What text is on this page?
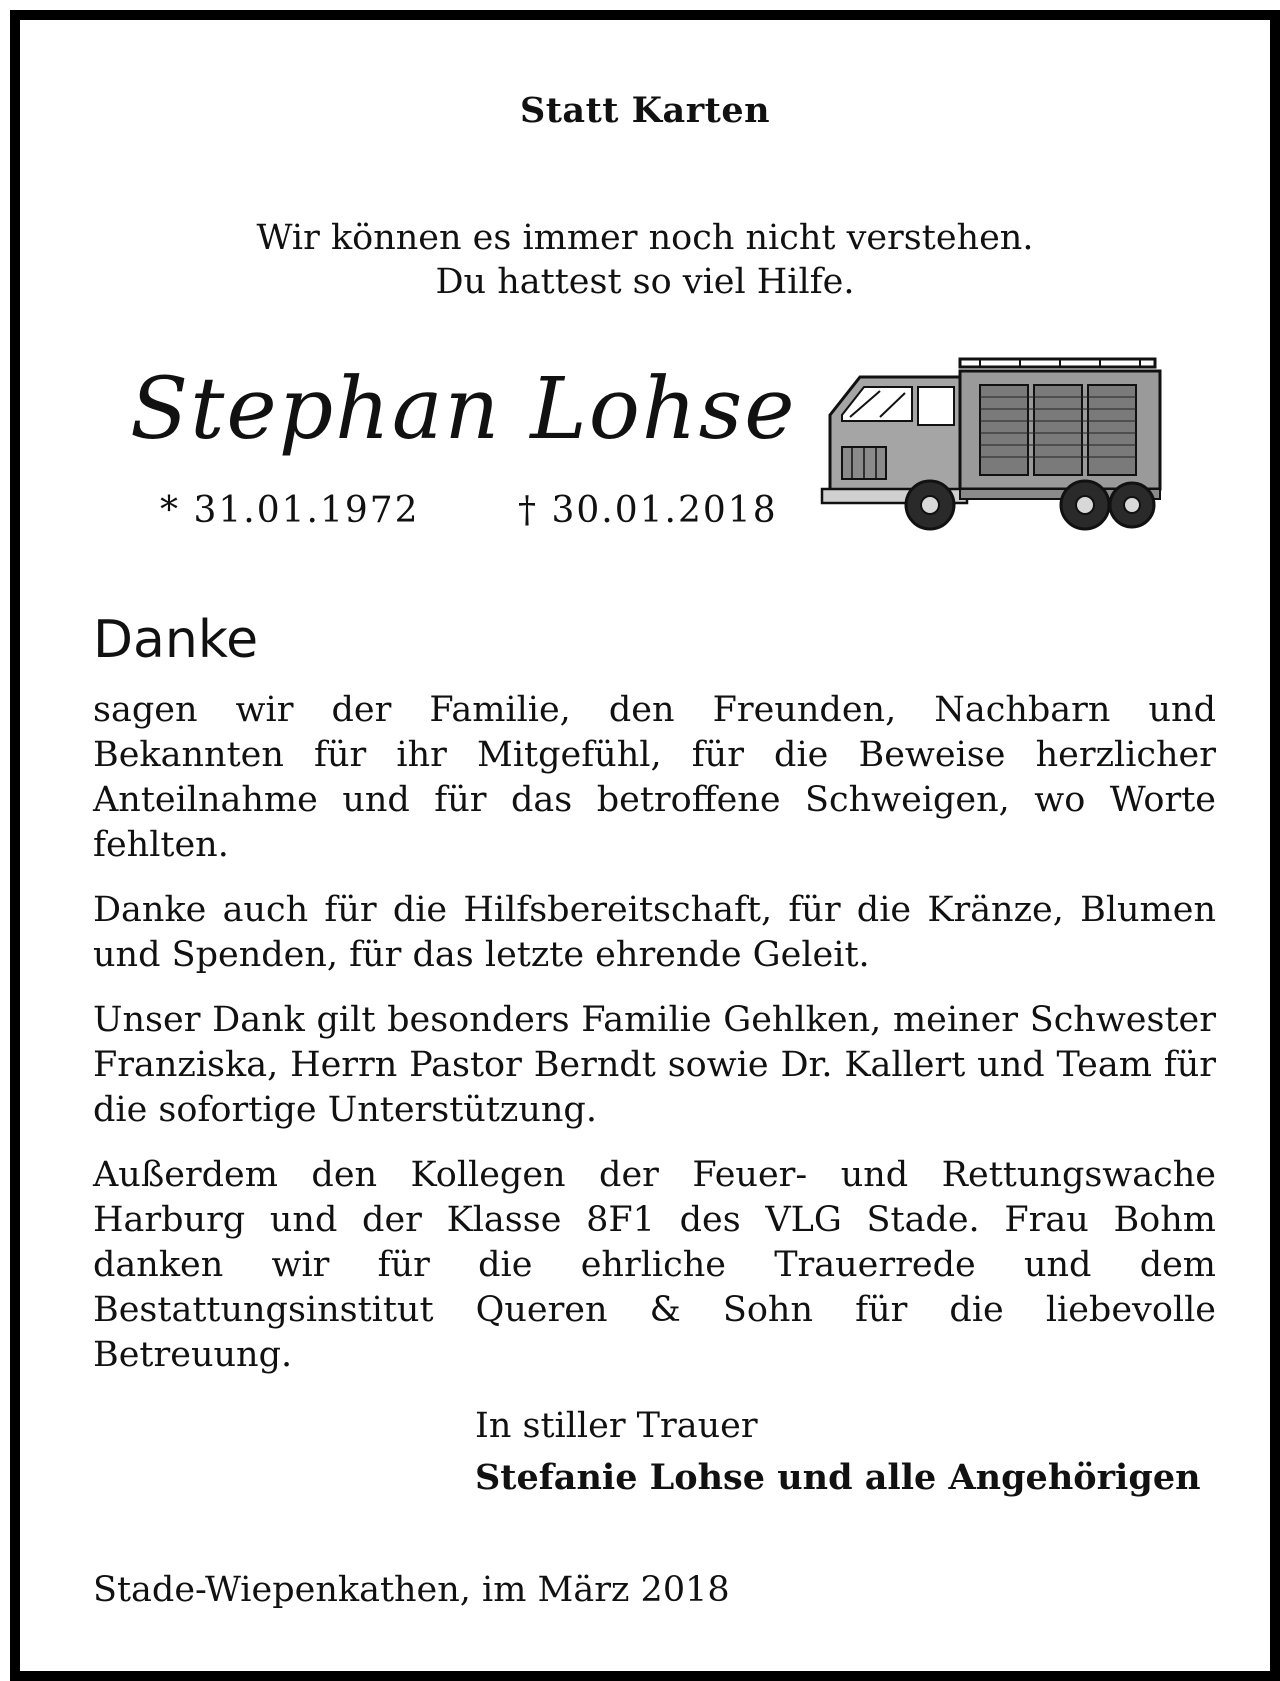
Statt Karten
Wir können es immer noch nicht verstehen.
Du hattest so viel Hilfe.
Stephan Lohse
* 31.01.1972	† 30.01.2018
Danke

sagen wir der Familie, den Freunden, Nachbarn und Bekannten für ihr Mitgefühl, für die Beweise herzlicher Anteilnahme und für das betroffene Schweigen, wo Worte fehlten.

Danke auch für die Hilfsbereitschaft, für die Kränze, Blumen und Spenden, für das letzte ehrende Geleit.

Unser Dank gilt besonders Familie Gehlken, meiner Schwester Franziska, Herrn Pastor Berndt sowie Dr. Kallert und Team für die sofortige Unterstützung.

Außerdem den Kollegen der Feuer- und Rettungswache Harburg und der Klasse 8F1 des VLG Stade. Frau Bohm danken wir für die ehrliche Trauerrede und dem Bestattungsinstitut Queren & Sohn für die liebevolle Betreuung.

In stiller Trauer
Stefanie Lohse und alle Angehörigen
Stade-Wiepenkathen, im März 2018
